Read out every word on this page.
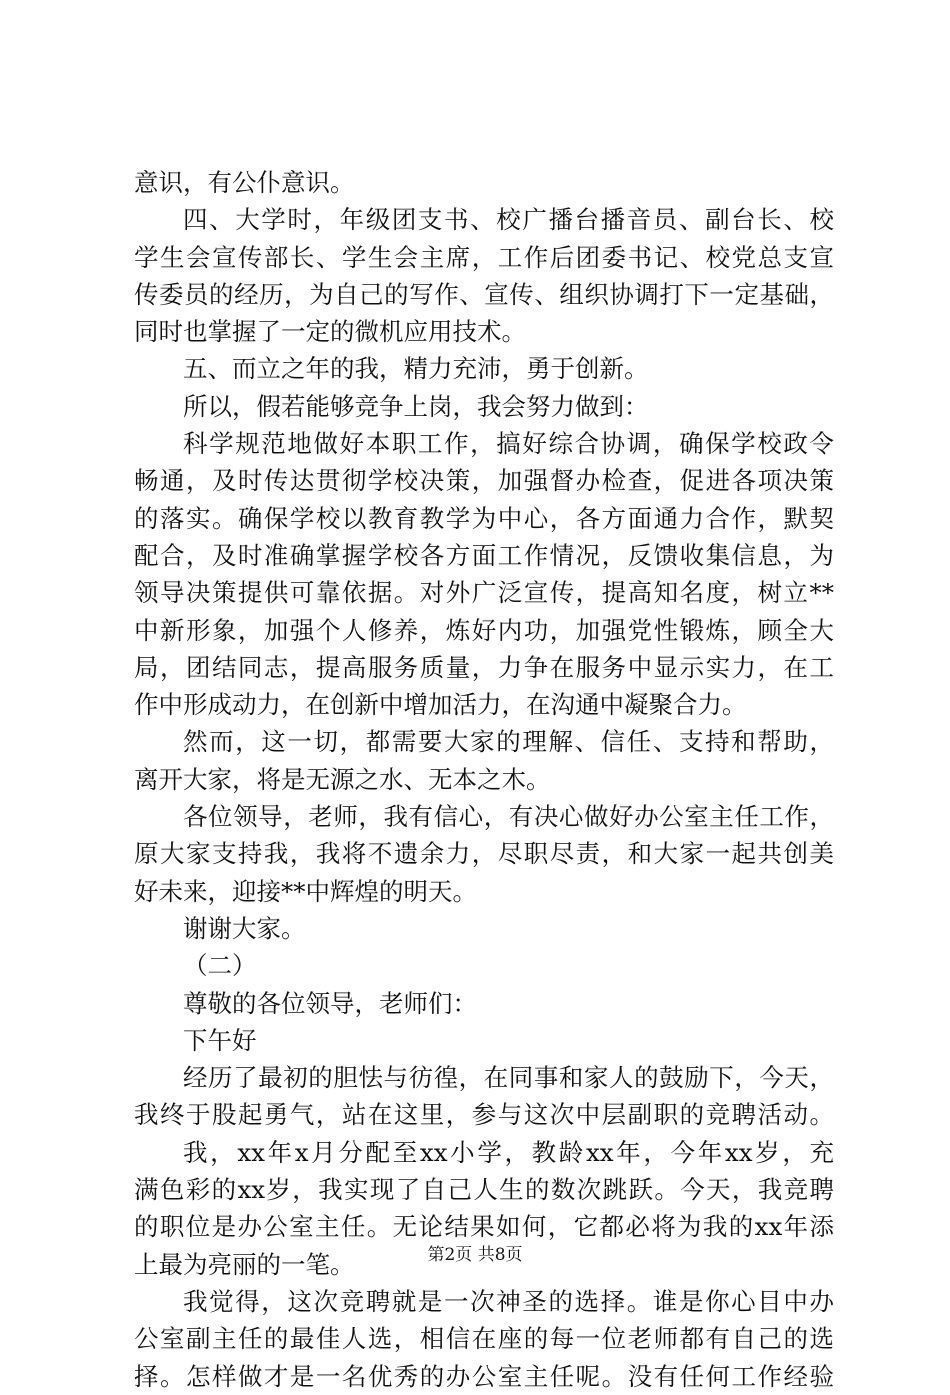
意识，有公仆意识。
四、大学时，年级团支书、校广播台播音员、副台长、校
学生会宣传部长、学生会主席，工作后团委书记、校党总支宣
传委员的经历，为自己的写作、宣传、组织协调打下一定基础，
同时也掌握了一定的微机应用技术。
五、而立之年的我，精力充沛，勇于创新。
所以，假若能够竞争上岗，我会努力做到：
科学规范地做好本职工作，搞好综合协调，确保学校政令
畅通，及时传达贯彻学校决策，加强督办检查，促进各项决策
的落实。确保学校以教育教学为中心，各方面通力合作，默契
配合，及时准确掌握学校各方面工作情况，反馈收集信息，为
领导决策提供可靠依据。对外广泛宣传，提高知名度，树立**
中新形象，加强个人修养，炼好内功，加强党性锻炼，顾全大
局，团结同志，提高服务质量，力争在服务中显示实力，在工
作中形成动力，在创新中增加活力，在沟通中凝聚合力。
然而，这一切，都需要大家的理解、信任、支持和帮助，
离开大家，将是无源之水、无本之木。
各位领导，老师，我有信心，有决心做好办公室主任工作，
原大家支持我，我将不遗余力，尽职尽责，和大家一起共创美
好未来，迎接**中辉煌的明天。
谢谢大家。
（二）
尊敬的各位领导，老师们：
下午好
经历了最初的胆怯与彷徨，在同事和家人的鼓励下，今天，
我终于股起勇气，站在这里，参与这次中层副职的竞聘活动。
我，xx年x月分配至xx小学，教龄xx年，今年xx岁，充
满色彩的xx岁，我实现了自己人生的数次跳跃。今天，我竞聘
的职位是办公室主任。无论结果如何，它都必将为我的xx年添
上最为亮丽的一笔。
我觉得，这次竞聘就是一次神圣的选择。谁是你心目中办
公室副主任的最佳人选，相信在座的每一位老师都有自己的选
择。怎样做才是一名优秀的办公室主任呢。没有任何工作经验
第2页 共8页
